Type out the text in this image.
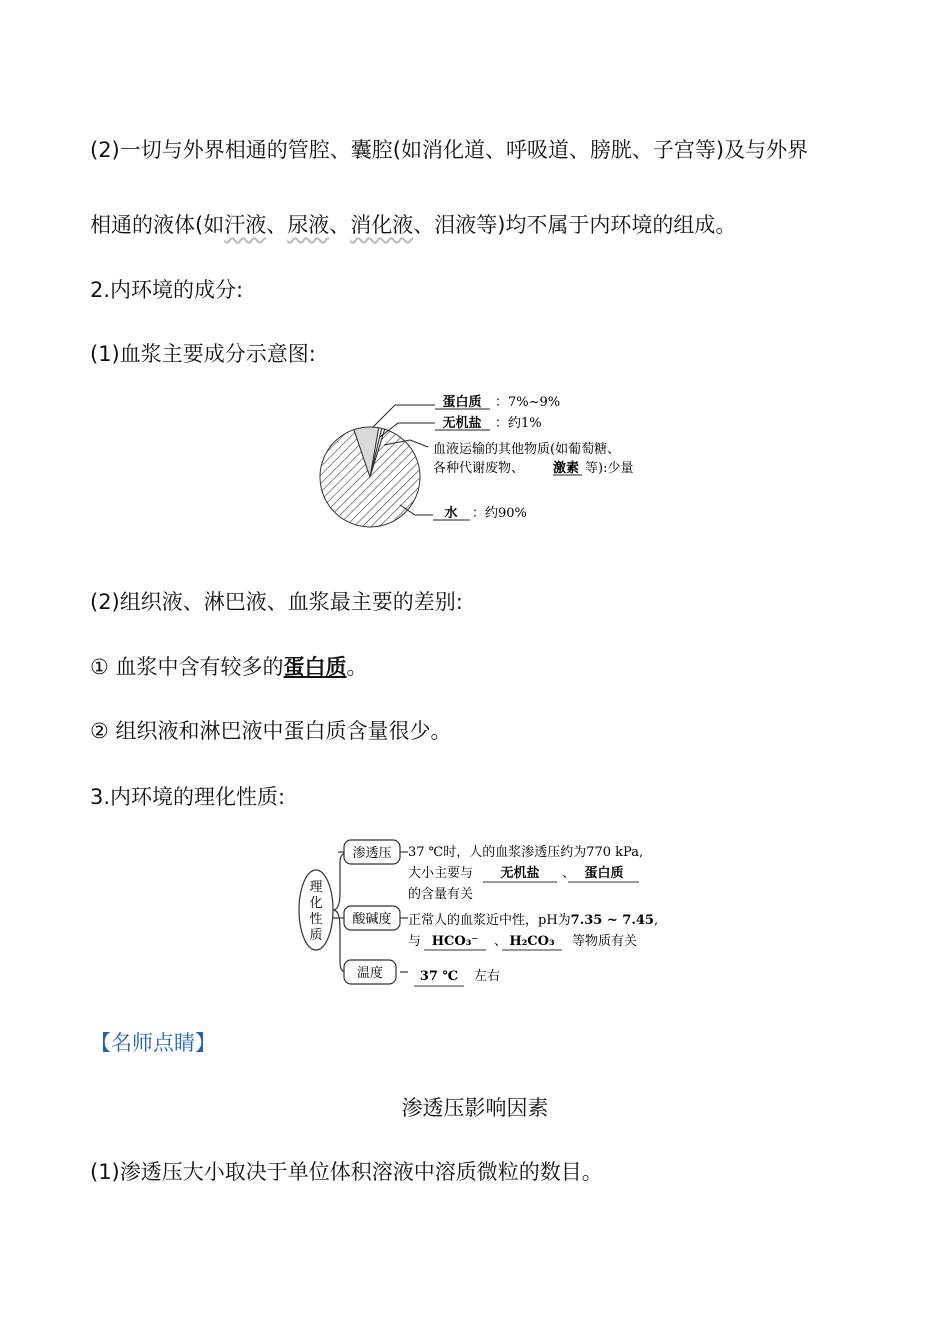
(2)一切与外界相通的管腔、囊腔(如消化道、呼吸道、膀胱、子宫等)及与外界
相通的液体(如汗液、尿液、消化液、泪液等)均不属于内环境的组成。
2.内环境的成分:
(1)血浆主要成分示意图:
蛋白质 ：7%~9%
无机盐 ：约1%
血液运输的其他物质(如葡萄糖、
各种代谢废物、 激素 等):少量
水 ：约90%
(2)组织液、淋巴液、血浆最主要的差别:
① 血浆中含有较多的蛋白质。
② 组织液和淋巴液中蛋白质含量很少。
3.内环境的理化性质:
理
化
性
质
渗透压
酸碱度
温度
37 ℃时，人的血浆渗透压约为770 kPa,
大小主要与 无机盐 、 蛋白质
的含量有关
正常人的血浆近中性，pH为7.35 ~ 7.45,
与 HCO₃⁻ 、 H₂CO₃ 等物质有关
37 ℃ 左右
【名师点睛】
渗透压影响因素
(1)渗透压大小取决于单位体积溶液中溶质微粒的数目。
